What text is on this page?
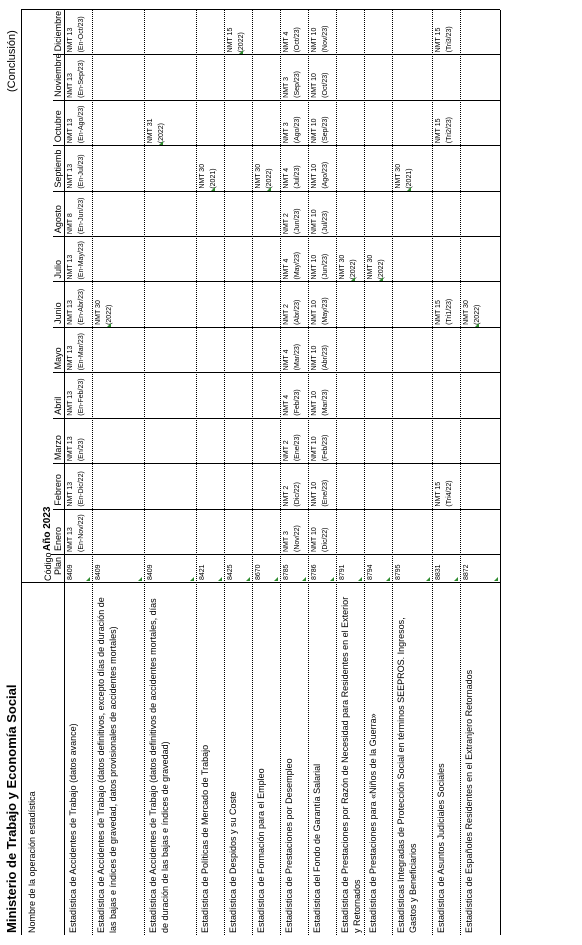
Ministerio de Trabajo y Economía Social
(Conclusión)
Nombre de la operación estadística
Código Plan
Año 2023 Enero
Febrero
Marzo
Abril
Mayo
Junio
Julio
Agosto
Septiemb
Octubre
Noviembre
Diciembre
Estadística de Accidentes de Trabajo (datos avance)
8409
NMT 13 (En-Nov/22)
NMT 13 (En-Dic/22)
NMT 13 (En/23)
NMT 13 (En-Feb/23)
NMT 13 (En-Mar/23)
NMT 13 (En-Abr/23)
NMT 13 (En-May/23)
NMT 8 (En-Jun/23)
NMT 13 (En-Jul/23)
NMT 13 (En-Ago/23)
NMT 13 (En-Sep/23)
NMT 13 (En-Oct/23)
Estadística de Accidentes de Trabajo (datos definitivos, excepto días de duración de las bajas e índices de gravedad, datos provisionales de accidentes mortales)
8409
NMT 30 (2022)
Estadística de Accidentes de Trabajo (datos definitivos de accidentes mortales, días de duración de las bajas e índices de gravedad)
8409
NMT 31 (2022)
Estadística de Políticas de Mercado de Trabajo
8421
NMT 30 (2021)
Estadística de Despidos y su Coste
8425
NMT 15 (2022)
Estadística de Formación para el Empleo
8670
NMT 30 (2022)
Estadística de Prestaciones por Desempleo
8785
NMT 3 (Nov/22)
NMT 2 (Dic/22)
NMT 2 (Ene/23)
NMT 4 (Feb/23)
NMT 4 (Mar/23)
NMT 2 (Abr/23)
NMT 4 (May/23)
NMT 2 (Jun/23)
NMT 4 (Jul/23)
NMT 3 (Ago/23)
NMT 3 (Sep/23)
NMT 4 (Oct/23)
Estadística del Fondo de Garantía Salarial
8786
NMT 10 (Dic/22)
NMT 10 (Ene/23)
NMT 10 (Feb/23)
NMT 10 (Mar/23)
NMT 10 (Abr/23)
NMT 10 (May/23)
NMT 10 (Jun/23)
NMT 10 (Jul/23)
NMT 10 (Ago/23)
NMT 10 (Sep/23)
NMT 10 (Oct/23)
NMT 10 (Nov/23)
Estadística de Prestaciones por Razón de Necesidad para Residentes en el Exterior y Retornados
8791
NMT 30 (2022)
Estadística de Prestaciones para «Niños de la Guerra»
8794
NMT 30 (2022)
Estadísticas Integradas de Protección Social en términos SEEPROS. Ingresos, Gastos y Beneficiarios
8795
NMT 30 (2021)
Estadística de Asuntos Judiciales Sociales
8831
NMT 15 (Tri4/22)
NMT 15 (Tri1/23)
NMT 15 (Tri2/23)
NMT 15 (Tri3/23)
Estadística de Españoles Residentes en el Extranjero Retornados
8872
NMT 30 (2022)
